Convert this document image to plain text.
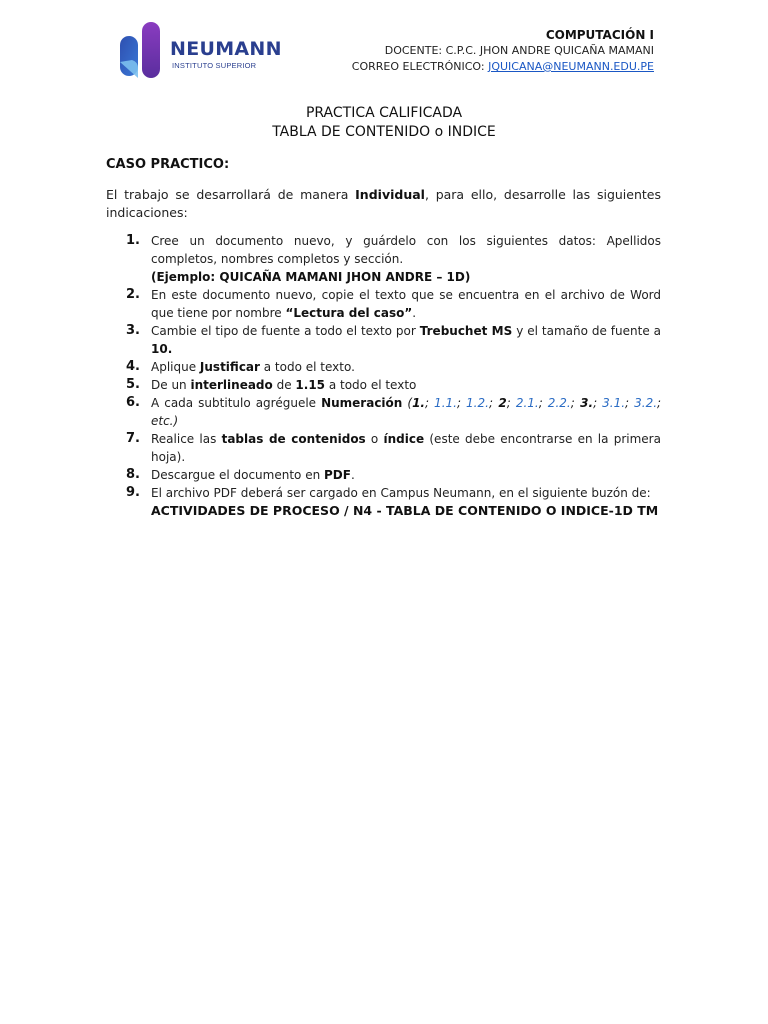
NEUMANN
INSTITUTO SUPERIOR
COMPUTACIÓN I
DOCENTE: C.P.C. JHON ANDRE QUICAÑA MAMANI
CORREO ELECTRÓNICO: JQUICANA@NEUMANN.EDU.PE
PRACTICA CALIFICADA
TABLA DE CONTENIDO o INDICE
CASO PRACTICO:

El trabajo se desarrollará de manera Individual, para ello, desarrolle las siguientes indicaciones:

1. Cree un documento nuevo, y guárdelo con los siguientes datos: Apellidos completos, nombres completos y sección.
(Ejemplo: QUICAÑA MAMANI JHON ANDRE – 1D)
2. En este documento nuevo, copie el texto que se encuentra en el archivo de Word que tiene por nombre “Lectura del caso”.
3. Cambie el tipo de fuente a todo el texto por Trebuchet MS y el tamaño de fuente a 10.
4. Aplique Justificar a todo el texto.
5. De un interlineado de 1.15 a todo el texto
6. A cada subtitulo agréguele Numeración (1.; 1.1.; 1.2.; 2; 2.1.; 2.2.; 3.; 3.1.; 3.2.; etc.)
7. Realice las tablas de contenidos o índice (este debe encontrarse en la primera hoja).
8. Descargue el documento en PDF.
9. El archivo PDF deberá ser cargado en Campus Neumann, en el siguiente buzón de:
ACTIVIDADES DE PROCESO / N4 - TABLA DE CONTENIDO O INDICE-1D TM
